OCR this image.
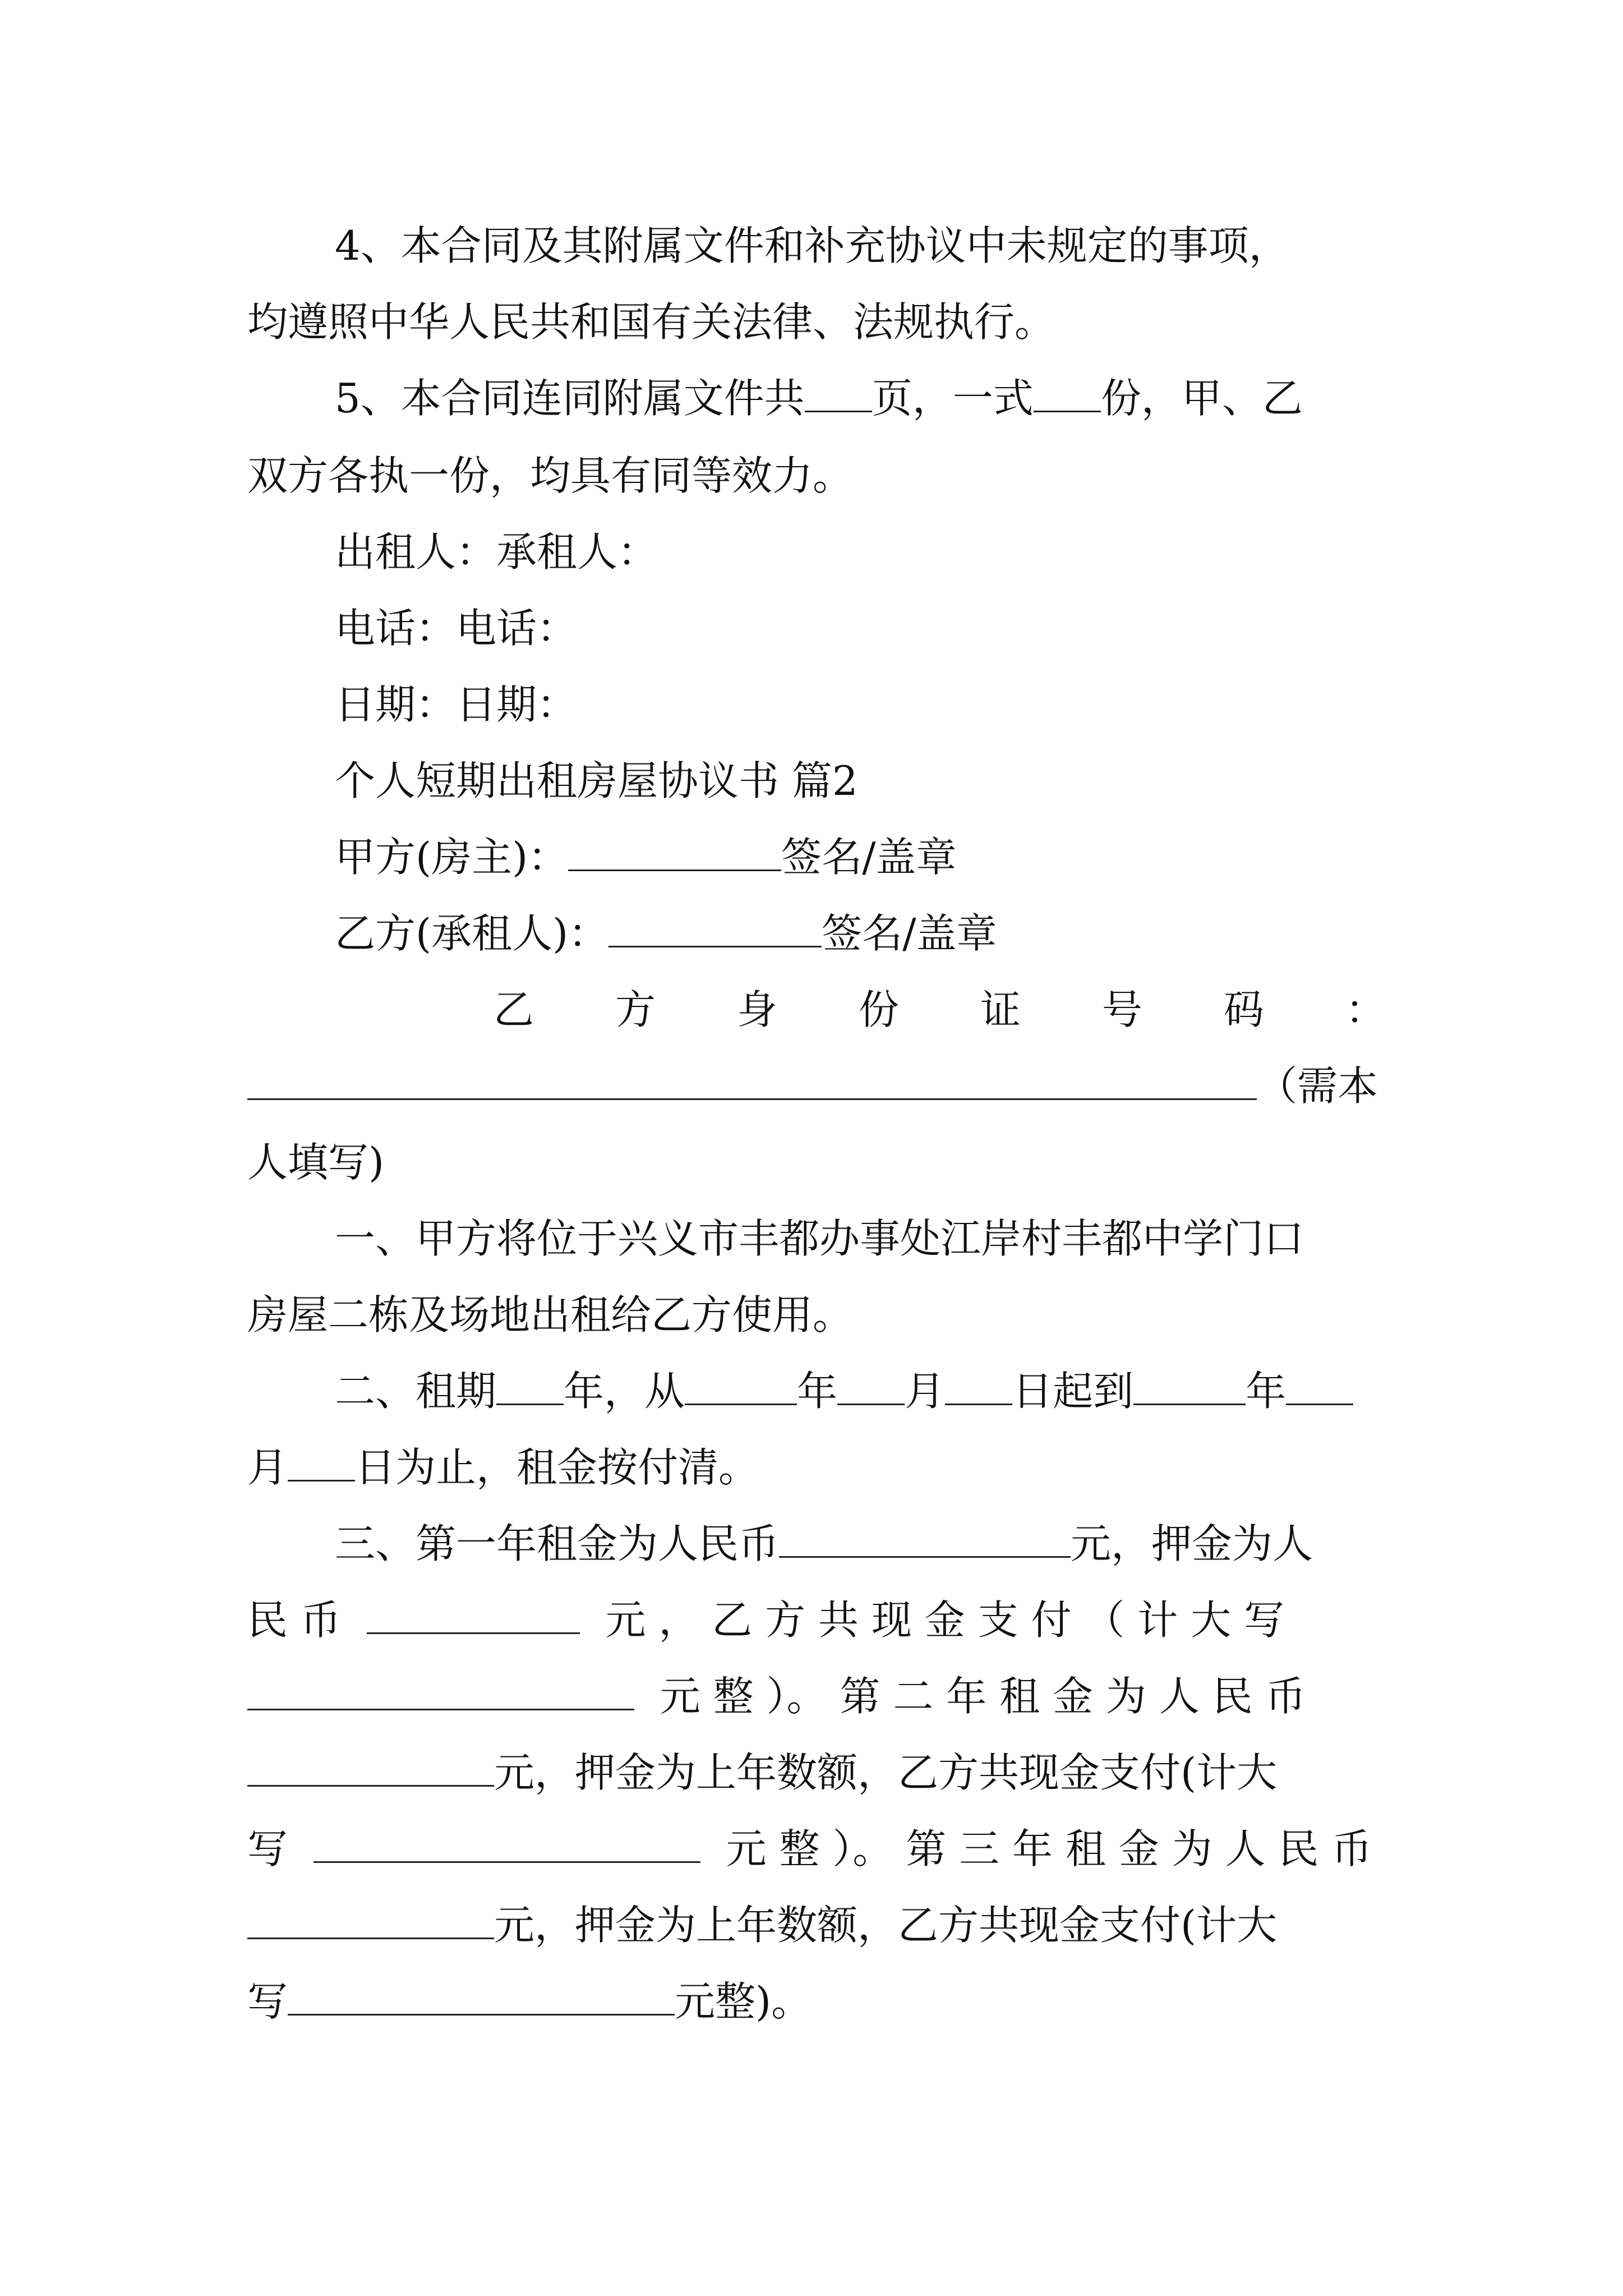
4、本合同及其附属文件和补充协议中未规定的事项，
均遵照中华人民共和国有关法律、法规执行。
5、本合同连同附属文件共 页，一式 份，甲、乙
双方各执一份，均具有同等效力。
出租人：承租人：
电话：电话：
日期：日期：
个人短期出租房屋协议书 篇2
甲方(房主)：	签名/盖章
乙方(承租人)：	签名/盖章
乙 方 身 份 证 号 码 ：
（需本
人填写)
一、甲方将位于兴义市丰都办事处江岸村丰都中学门口
房屋二栋及场地出租给乙方使用。
二、租期 年，从	年 月 日起到	年
月 日为止，租金按付清。
三、第一年租金为人民币	元，押金为人
民 币	元 ， 乙 方 共 现 金 支 付 （ 计 大 写
元 整 ）。 第 二 年 租 金 为 人 民 币
元，押金为上年数额，乙方共现金支付(计大
写	元 整 ）。 第 三 年 租 金 为 人 民 币
元，押金为上年数额，乙方共现金支付(计大
写	元整)。
